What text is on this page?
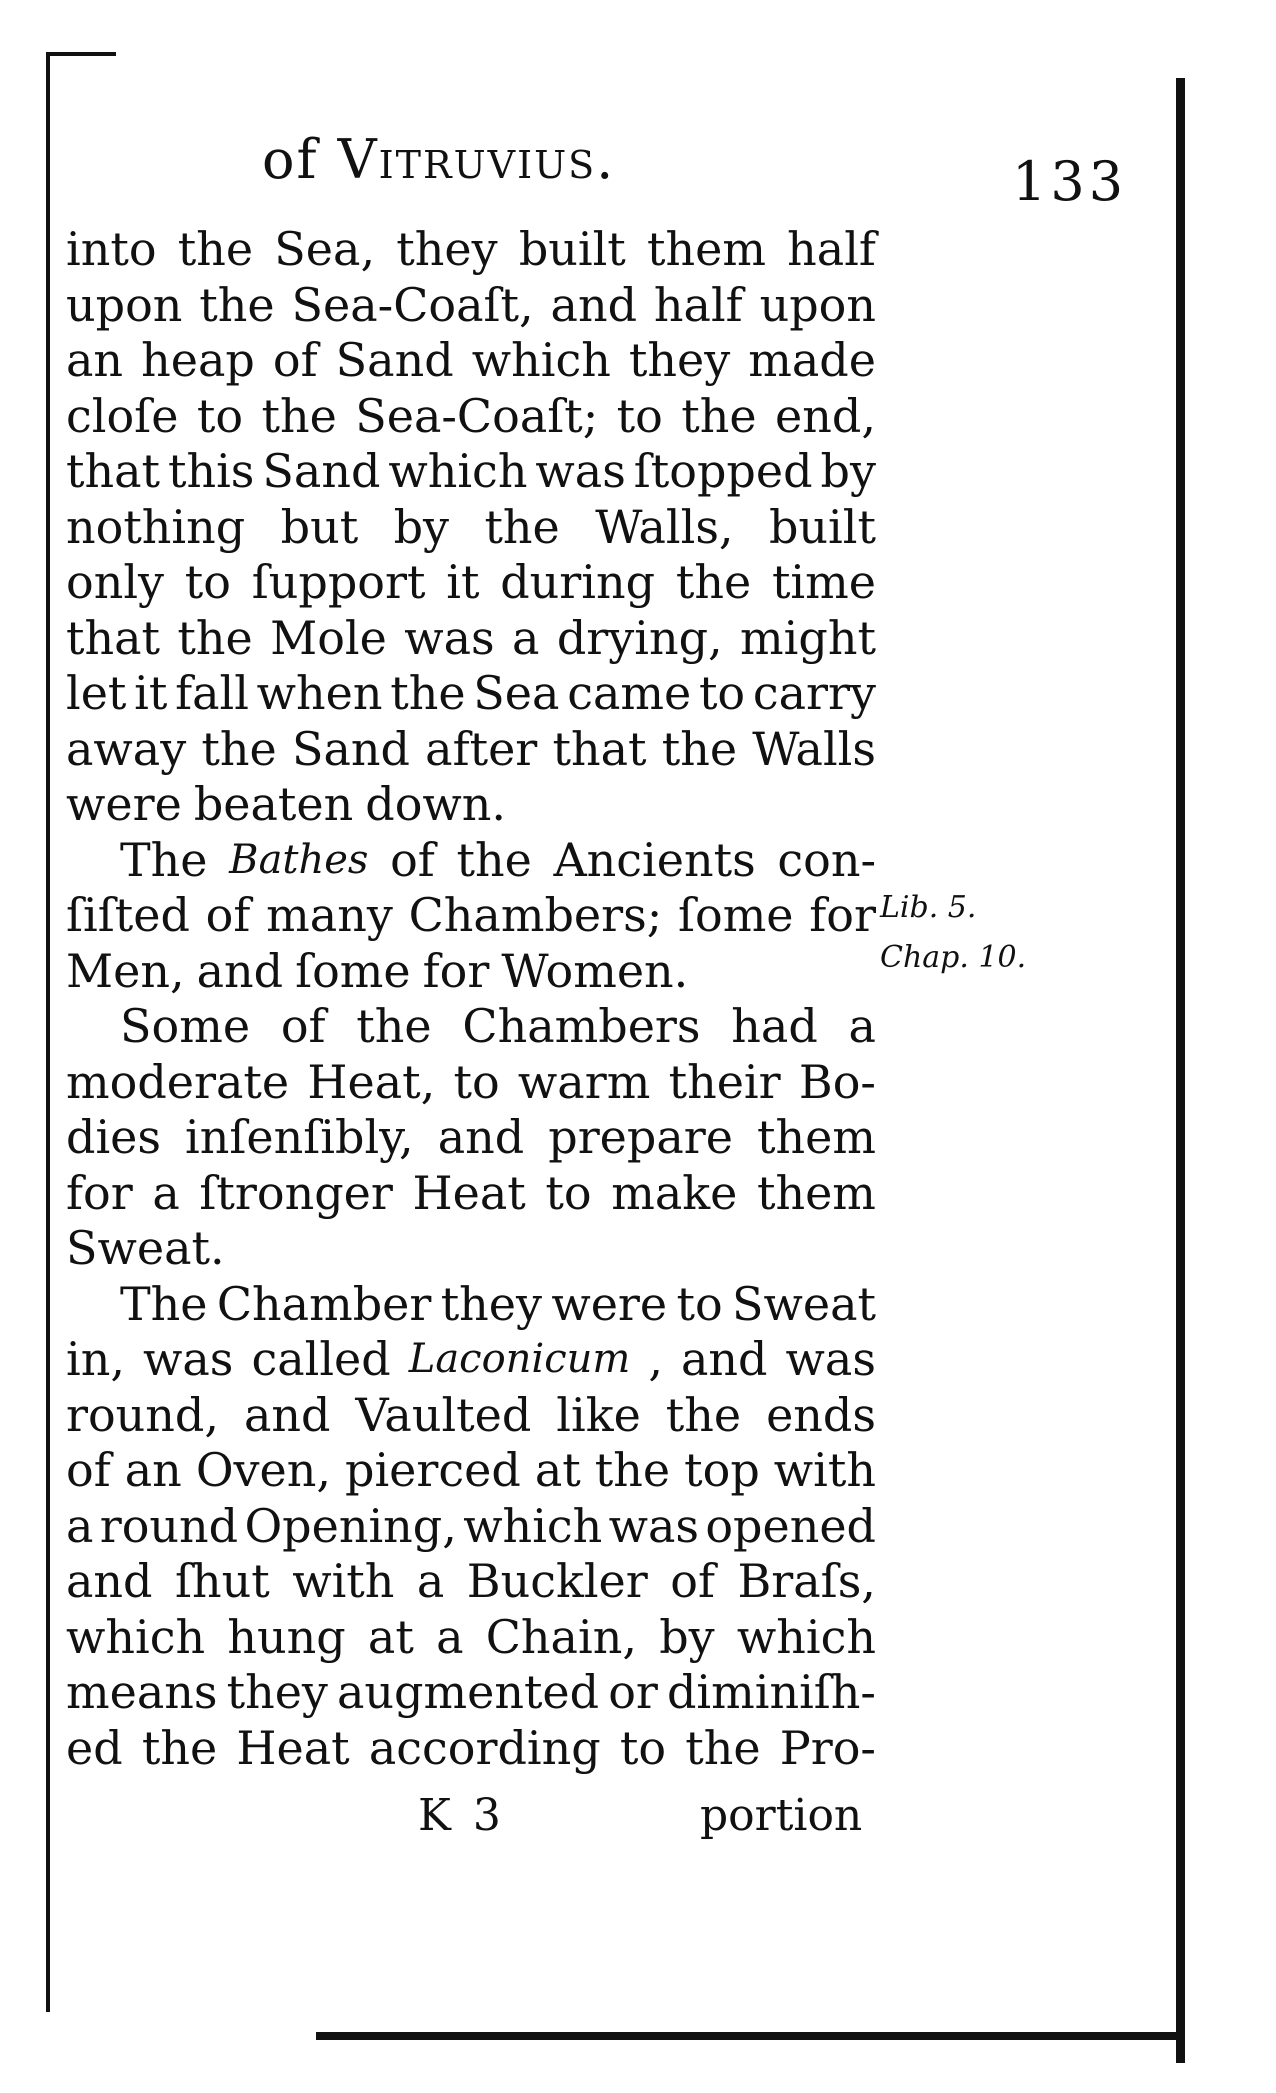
of Vitruvius.	133
into the Sea, they built them half
upon the Sea-Coaſt, and half upon
an heap of Sand which they made
cloſe to the Sea-Coaſt; to the end,
that this Sand which was ſtopped by
nothing but by the Walls, built
only to ſupport it during the time
that the Mole was a drying, might
let it fall when the Sea came to carry
away the Sand after that the Walls
were beaten down.
The Bathes of the Ancients con-
ſiſted of many Chambers; ſome for
Men, and ſome for Women.
Some of the Chambers had a
moderate Heat, to warm their Bo-
dies inſenſibly, and prepare them
for a ſtronger Heat to make them
Sweat.
The Chamber they were to Sweat
in, was called Laconicum , and was
round, and Vaulted like the ends
of an Oven, pierced at the top with
a round Opening, which was opened
and ſhut with a Buckler of Braſs,
which hung at a Chain, by which
means they augmented or diminiſh-
ed the Heat according to the Pro-
Lib. 5.
Chap. 10.
K 3	portion
